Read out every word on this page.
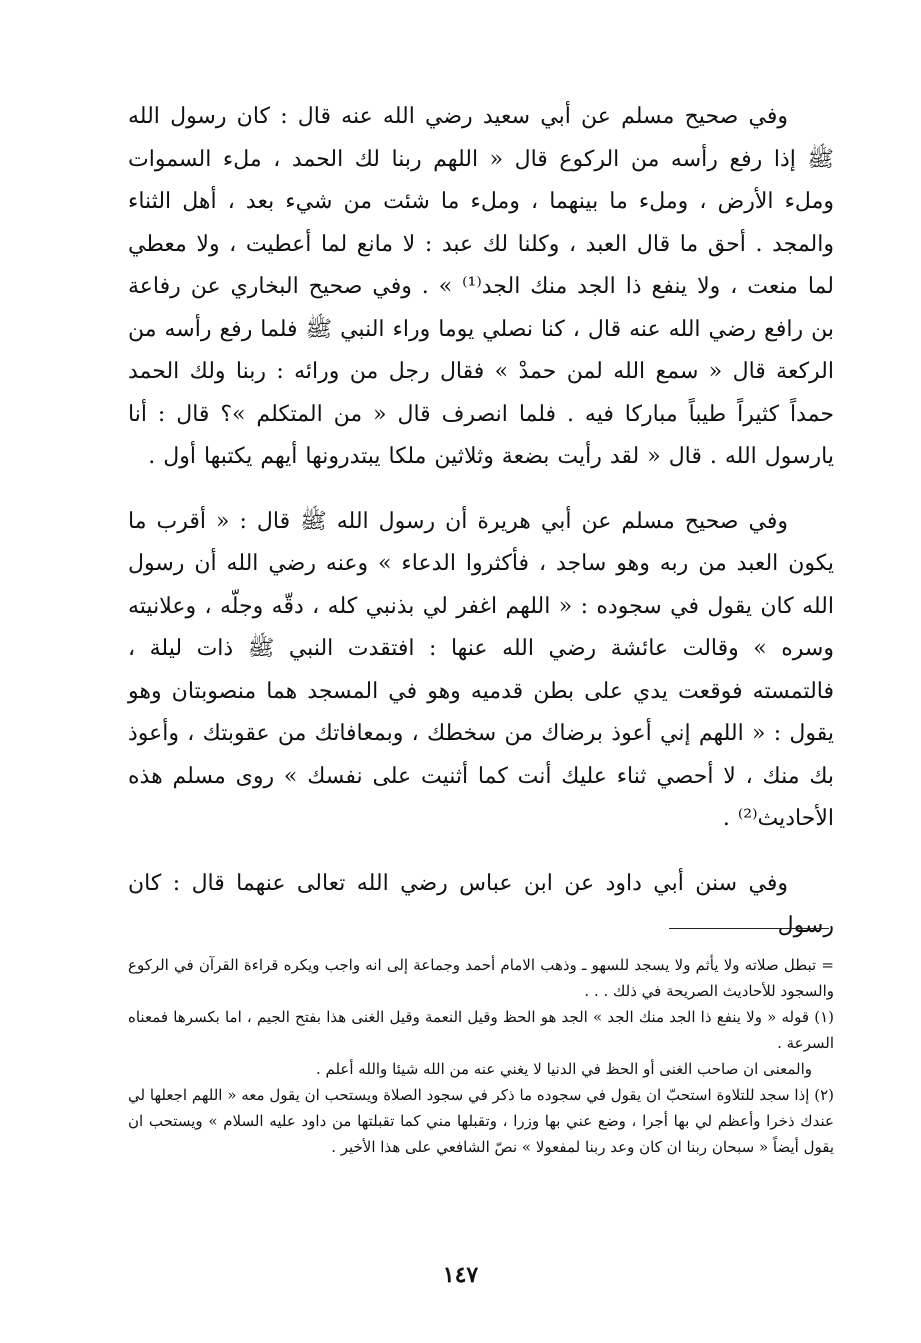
وفي صحيح مسلم عن أبي سعيد رضي الله عنه قال : كان رسول الله ﷺ إذا رفع رأسه من الركوع قال « اللهم ربنا لك الحمد ، ملء السموات وملء الأرض ، وملء ما بينهما ، وملء ما شئت من شيء بعد ، أهل الثناء والمجد . أحق ما قال العبد ، وكلنا لك عبد : لا مانع لما أعطيت ، ولا معطي لما منعت ، ولا ينفع ذا الجد منك الجد⁽¹⁾ » . وفي صحيح البخاري عن رفاعة بن رافع رضي الله عنه قال ، كنا نصلي يوما وراء النبي ﷺ فلما رفع رأسه من الركعة قال « سمع الله لمن حمدْ » فقال رجل من ورائه : ربنا ولك الحمد حمداً كثيراً طيباً مباركا فيه . فلما انصرف قال « من المتكلم »؟ قال : أنا يارسول الله . قال « لقد رأيت بضعة وثلاثين ملكا يبتدرونها أيهم يكتبها أول .

وفي صحيح مسلم عن أبي هريرة أن رسول الله ﷺ قال : « أقرب ما يكون العبد من ربه وهو ساجد ، فأكثروا الدعاء » وعنه رضي الله أن رسول الله كان يقول في سجوده : « اللهم اغفر لي بذنبي كله ، دقّه وجلّه ، وعلانيته وسره » وقالت عائشة رضي الله عنها : افتقدت النبي ﷺ ذات ليلة ، فالتمسته فوقعت يدي على بطن قدميه وهو في المسجد هما منصوبتان وهو يقول : « اللهم إني أعوذ برضاك من سخطك ، وبمعافاتك من عقوبتك ، وأعوذ بك منك ، لا أحصي ثناء عليك أنت كما أثنيت على نفسك » روى مسلم هذه الأحاديث⁽²⁾ .

وفي سنن أبي داود عن ابن عباس رضي الله تعالى عنهما قال : كان رسول

= تبطل صلاته ولا يأثم ولا يسجد للسهو ـ وذهب الامام أحمد وجماعة إلى انه واجب ويكره قراءة القرآن في الركوع والسجود للأحاديث الصريحة في ذلك . . .

(١) قوله « ولا ينفع ذا الجد منك الجد » الجد هو الحظ وقيل النعمة وقيل الغنى هذا بفتح الجيم ، اما بكسرها فمعناه السرعة .

والمعنى ان صاحب الغنى أو الحظ في الدنيا لا يغني عنه من الله شيئا والله أعلم .

(٢) إذا سجد للتلاوة استحبّ ان يقول في سجوده ما ذكر في سجود الصلاة ويستحب ان يقول معه « اللهم اجعلها لي عندك ذخرا وأعظم لي بها أجرا ، وضع عني بها وزرا ، وتقبلها مني كما تقبلتها من داود عليه السلام » ويستحب ان يقول أيضاً « سبحان ربنا ان كان وعد ربنا لمفعولا » نصّ الشافعي على هذا الأخير .

١٤٧
